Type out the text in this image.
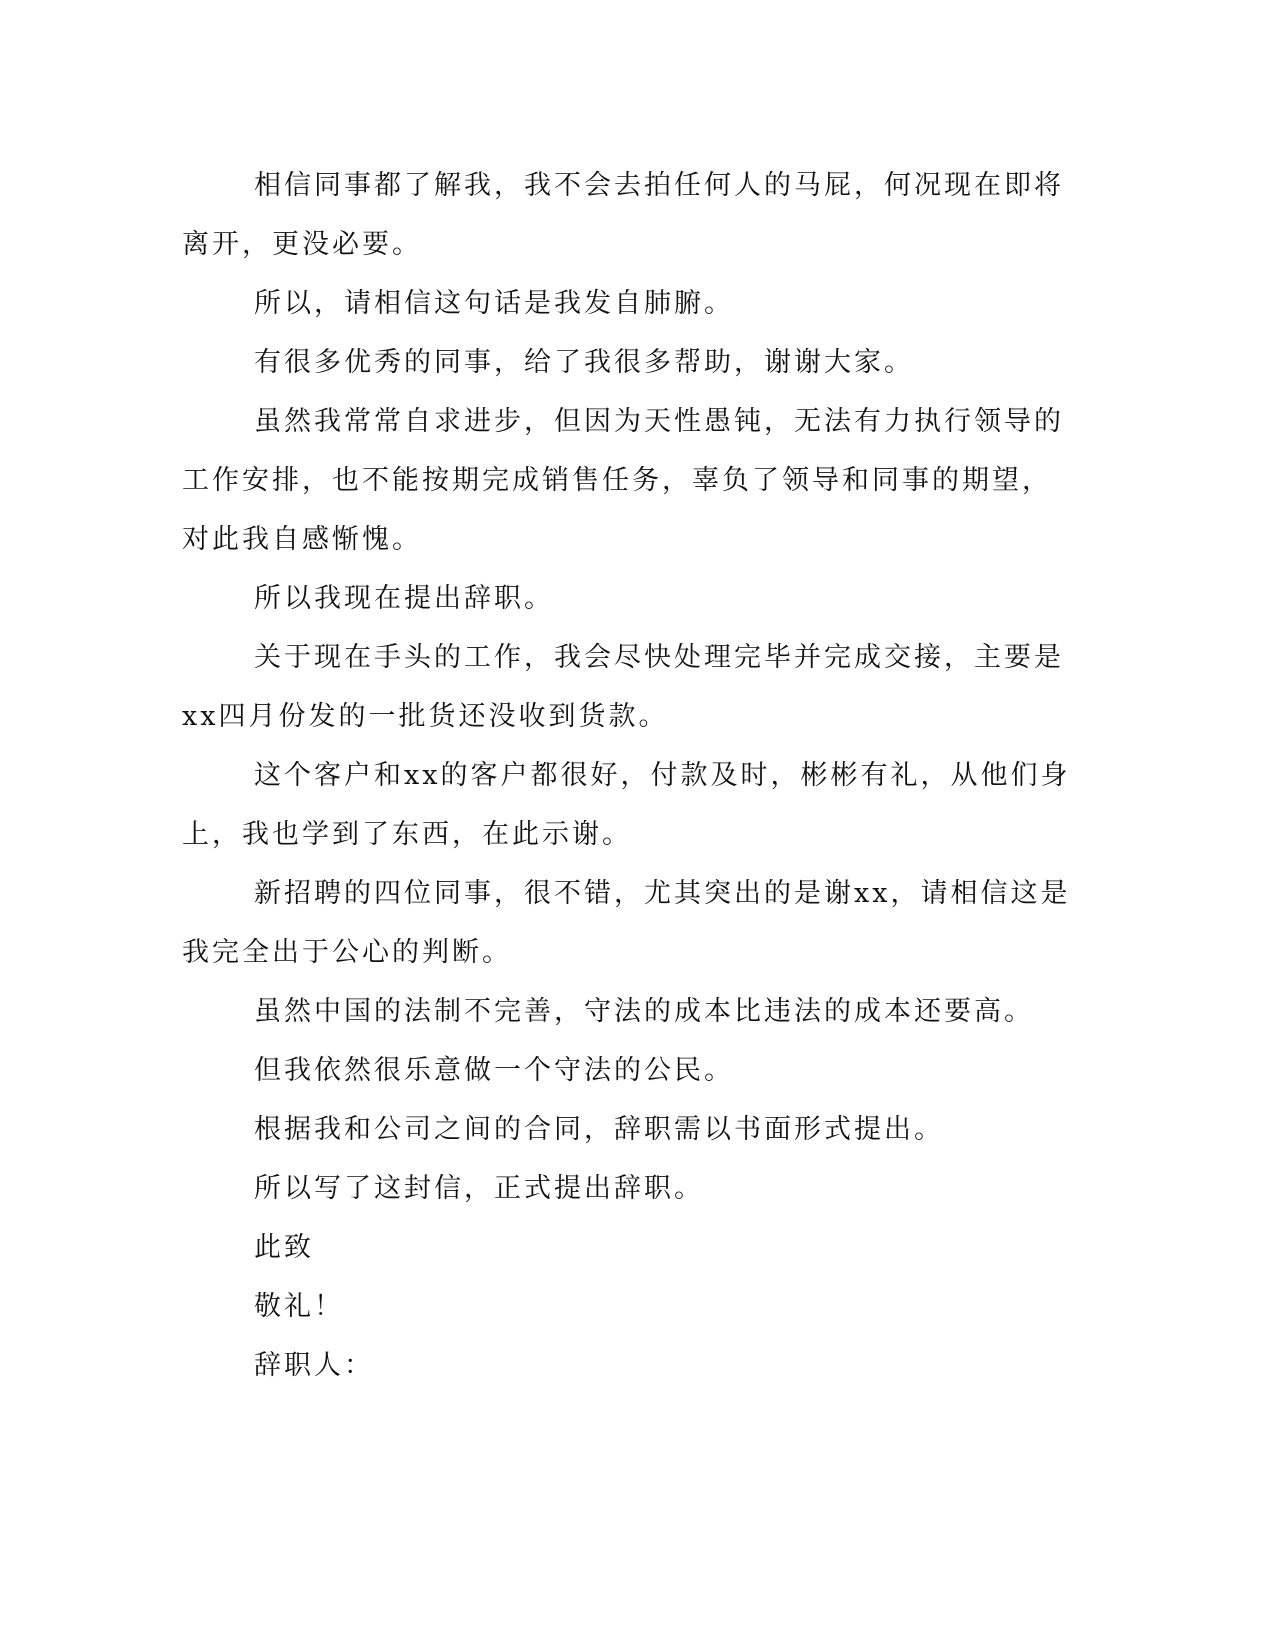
相信同事都了解我，我不会去拍任何人的马屁，何况现在即将离开，更没必要。

所以，请相信这句话是我发自肺腑。

有很多优秀的同事，给了我很多帮助，谢谢大家。

虽然我常常自求进步，但因为天性愚钝，无法有力执行领导的工作安排，也不能按期完成销售任务，辜负了领导和同事的期望，对此我自感惭愧。

所以我现在提出辞职。

关于现在手头的工作，我会尽快处理完毕并完成交接，主要是xx四月份发的一批货还没收到货款。

这个客户和xx的客户都很好，付款及时，彬彬有礼，从他们身上，我也学到了东西，在此示谢。

新招聘的四位同事，很不错，尤其突出的是谢xx，请相信这是我完全出于公心的判断。

虽然中国的法制不完善，守法的成本比违法的成本还要高。

但我依然很乐意做一个守法的公民。

根据我和公司之间的合同，辞职需以书面形式提出。

所以写了这封信，正式提出辞职。

此致

敬礼！

辞职人：
